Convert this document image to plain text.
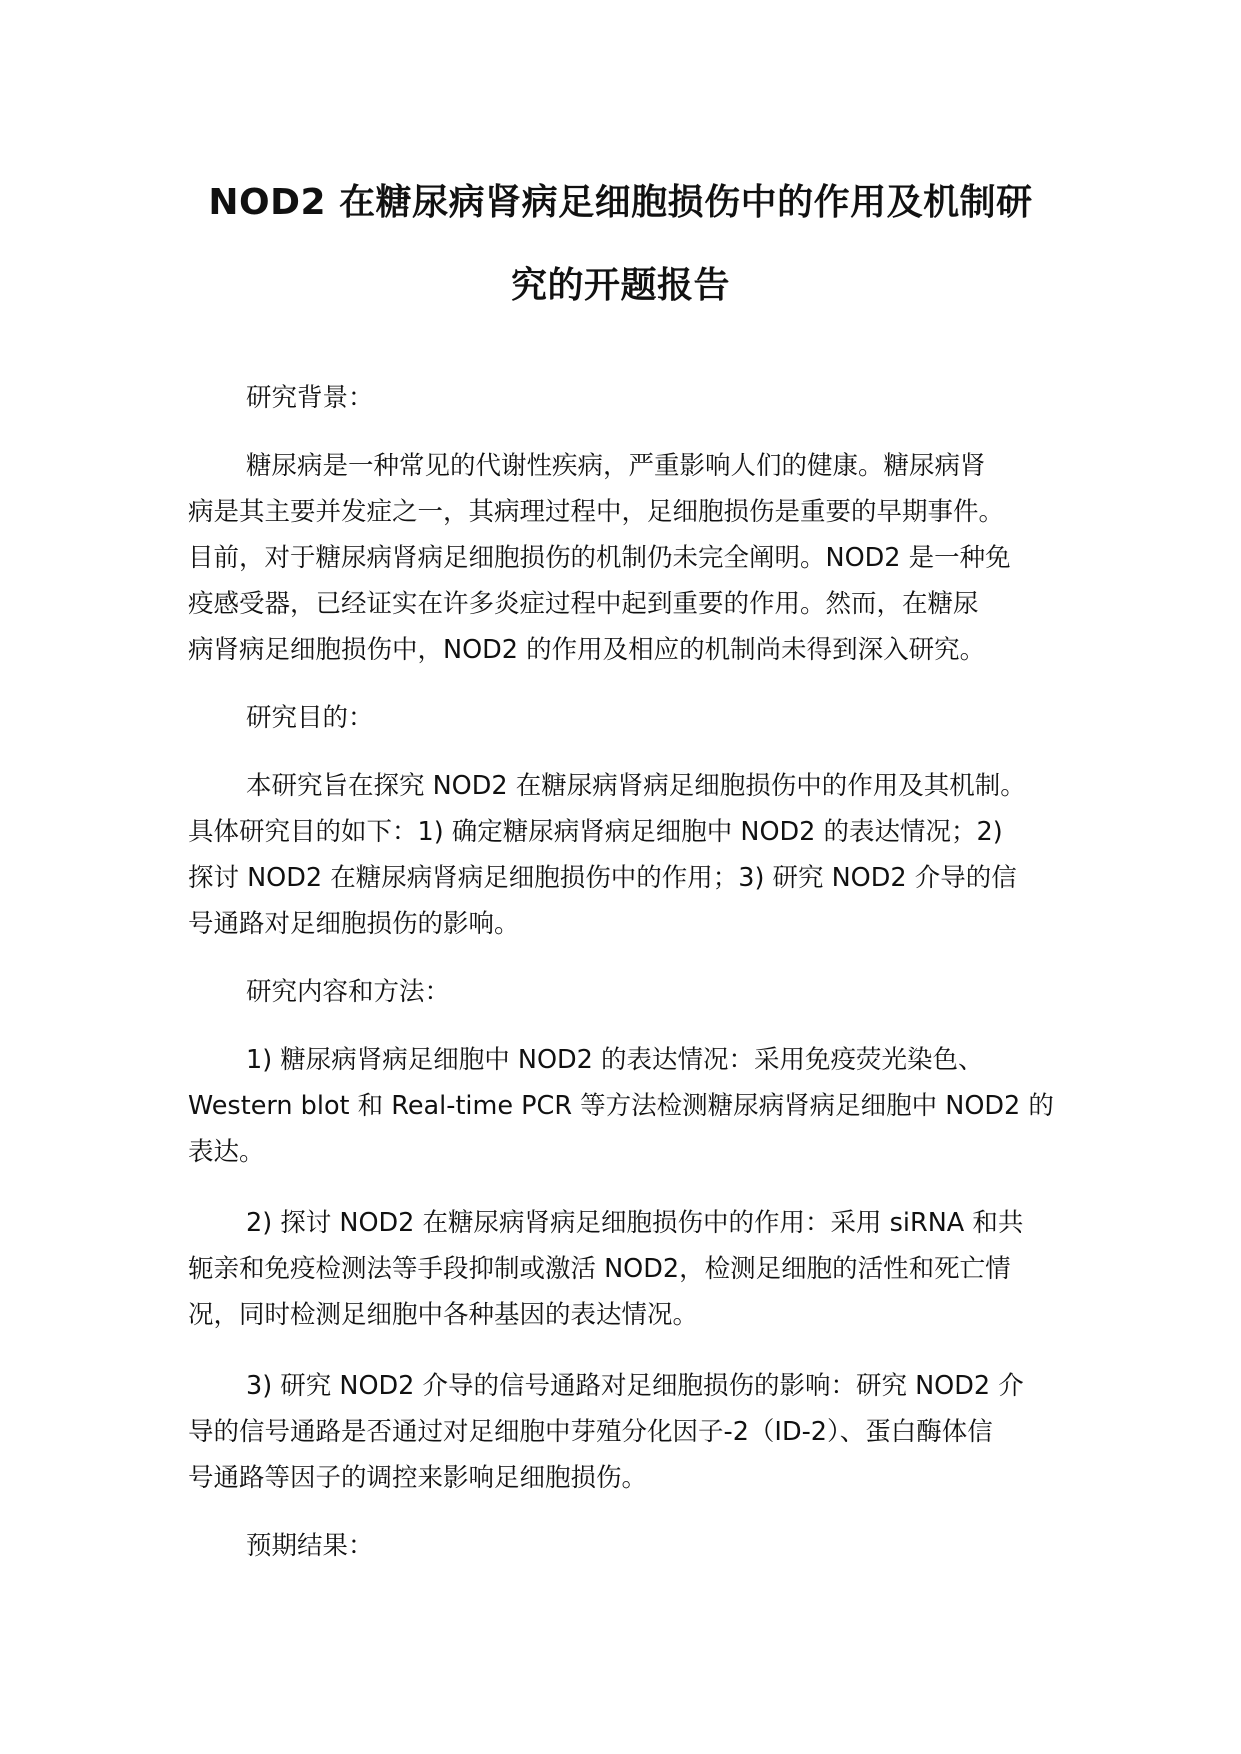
NOD2 在糖尿病肾病足细胞损伤中的作用及机制研
究的开题报告

研究背景：

糖尿病是一种常见的代谢性疾病，严重影响人们的健康。糖尿病肾
病是其主要并发症之一，其病理过程中，足细胞损伤是重要的早期事件。
目前，对于糖尿病肾病足细胞损伤的机制仍未完全阐明。NOD2 是一种免
疫感受器，已经证实在许多炎症过程中起到重要的作用。然而，在糖尿
病肾病足细胞损伤中，NOD2 的作用及相应的机制尚未得到深入研究。

研究目的：

本研究旨在探究 NOD2 在糖尿病肾病足细胞损伤中的作用及其机制。
具体研究目的如下：1) 确定糖尿病肾病足细胞中 NOD2 的表达情况；2)
探讨 NOD2 在糖尿病肾病足细胞损伤中的作用；3) 研究 NOD2 介导的信
号通路对足细胞损伤的影响。

研究内容和方法：

1) 糖尿病肾病足细胞中 NOD2 的表达情况：采用免疫荧光染色、
Western blot 和 Real-time PCR 等方法检测糖尿病肾病足细胞中 NOD2 的
表达。

2) 探讨 NOD2 在糖尿病肾病足细胞损伤中的作用：采用 siRNA 和共
轭亲和免疫检测法等手段抑制或激活 NOD2，检测足细胞的活性和死亡情
况，同时检测足细胞中各种基因的表达情况。

3) 研究 NOD2 介导的信号通路对足细胞损伤的影响：研究 NOD2 介
导的信号通路是否通过对足细胞中芽殖分化因子-2（ID-2）、蛋白酶体信
号通路等因子的调控来影响足细胞损伤。

预期结果：
